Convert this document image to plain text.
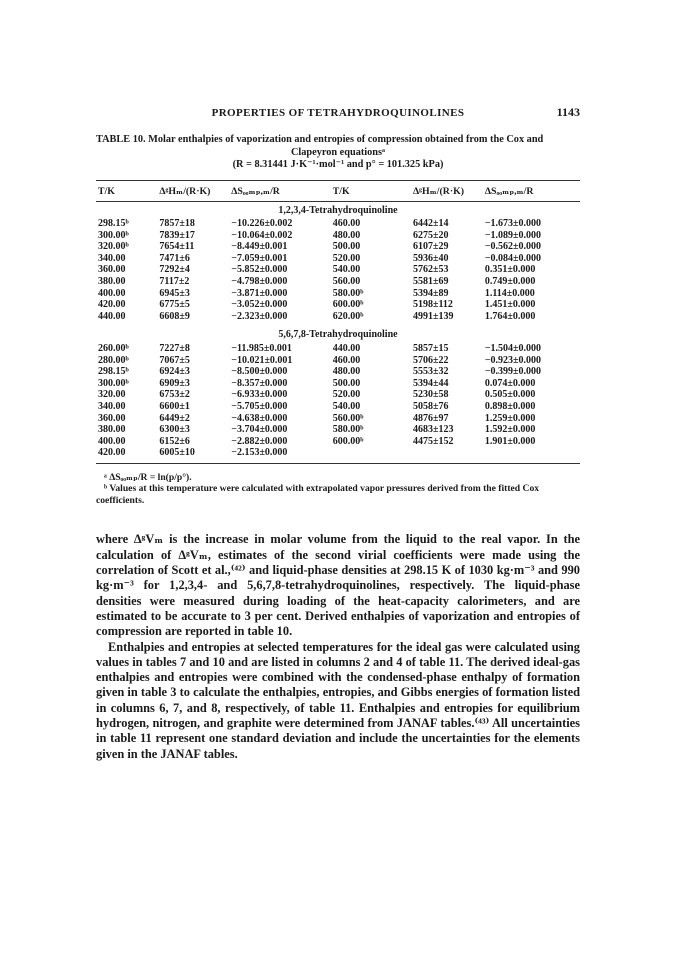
PROPERTIES OF TETRAHYDROQUINOLINES	1143
TABLE 10. Molar enthalpies of vaporization and entropies of compression obtained from the Cox and
Clapeyron equationsᵃ
(R = 8.31441 J·K⁻¹·mol⁻¹ and p° = 101.325 kPa)
T/K	ΔᵍHₘ/(R·K)	ΔSₒₒₘₚ,ₘ/R	T/K	ΔᵍHₘ/(R·K)	ΔSₒₒₘₚ,ₘ/R
1,2,3,4-Tetrahydroquinoline					
298.15ᵇ	7857±18	−10.226±0.002	460.00	6442±14	−1.673±0.000
300.00ᵇ	7839±17	−10.064±0.002	480.00	6275±20	−1.089±0.000
320.00ᵇ	7654±11	−8.449±0.001	500.00	6107±29	−0.562±0.000
340.00	7471±6	−7.059±0.001	520.00	5936±40	−0.084±0.000
360.00	7292±4	−5.852±0.000	540.00	5762±53	0.351±0.000
380.00	7117±2	−4.798±0.000	560.00	5581±69	0.749±0.000
400.00	6945±3	−3.871±0.000	580.00ᵇ	5394±89	1.114±0.000
420.00	6775±5	−3.052±0.000	600.00ᵇ	5198±112	1.451±0.000
440.00	6608±9	−2.323±0.000	620.00ᵇ	4991±139	1.764±0.000
5,6,7,8-Tetrahydroquinoline					
260.00ᵇ	7227±8	−11.985±0.001	440.00	5857±15	−1.504±0.000
280.00ᵇ	7067±5	−10.021±0.001	460.00	5706±22	−0.923±0.000
298.15ᵇ	6924±3	−8.500±0.000	480.00	5553±32	−0.399±0.000
300.00ᵇ	6909±3	−8.357±0.000	500.00	5394±44	0.074±0.000
320.00	6753±2	−6.933±0.000	520.00	5230±58	0.505±0.000
340.00	6600±1	−5.705±0.000	540.00	5058±76	0.898±0.000
360.00	6449±2	−4.638±0.000	560.00ᵇ	4876±97	1.259±0.000
380.00	6300±3	−3.704±0.000	580.00ᵇ	4683±123	1.592±0.000
400.00	6152±6	−2.882±0.000	600.00ᵇ	4475±152	1.901±0.000
420.00	6005±10	−2.153±0.000			
ᵃ ΔSₒₒₘₚ/R = ln(p/p°).
ᵇ Values at this temperature were calculated with extrapolated vapor pressures derived from the fitted Cox coefficients.

where ΔᵍVₘ is the increase in molar volume from the liquid to the real vapor. In the calculation of ΔᵍVₘ, estimates of the second virial coefficients were made using the correlation of Scott et al.,⁽⁴²⁾ and liquid-phase densities at 298.15 K of 1030 kg·m⁻³ and 990 kg·m⁻³ for 1,2,3,4- and 5,6,7,8-tetrahydroquinolines, respectively. The liquid-phase densities were measured during loading of the heat-capacity calorimeters, and are estimated to be accurate to 3 per cent. Derived enthalpies of vaporization and entropies of compression are reported in table 10.

Enthalpies and entropies at selected temperatures for the ideal gas were calculated using values in tables 7 and 10 and are listed in columns 2 and 4 of table 11. The derived ideal-gas enthalpies and entropies were combined with the condensed-phase enthalpy of formation given in table 3 to calculate the enthalpies, entropies, and Gibbs energies of formation listed in columns 6, 7, and 8, respectively, of table 11. Enthalpies and entropies for equilibrium hydrogen, nitrogen, and graphite were determined from JANAF tables.⁽⁴³⁾ All uncertainties in table 11 represent one standard deviation and include the uncertainties for the elements given in the JANAF tables.
